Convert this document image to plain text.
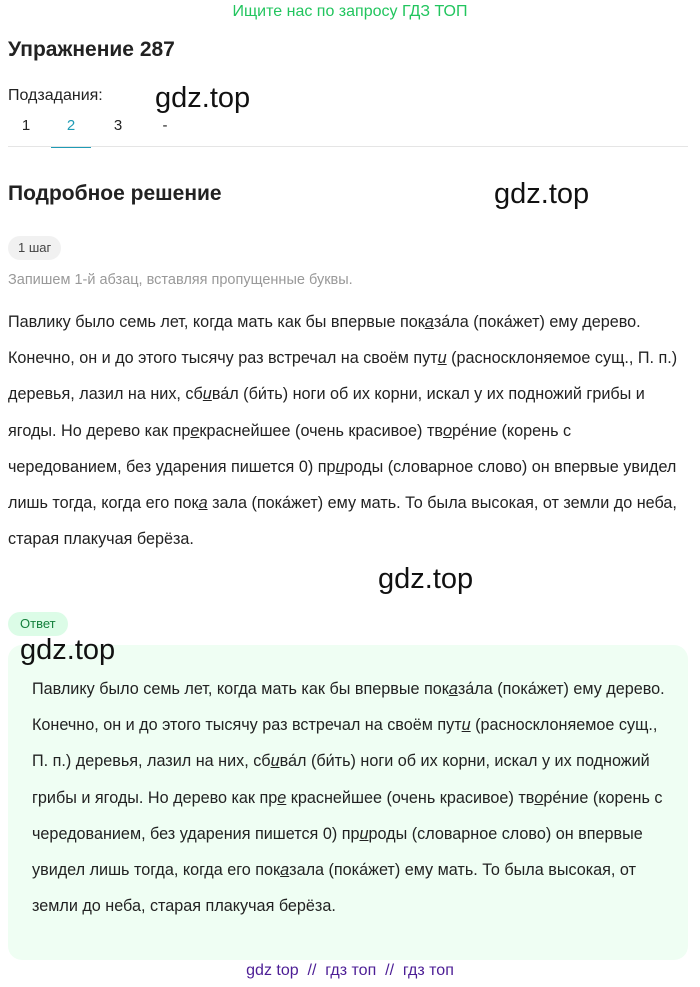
Ищите нас по запросу ГДЗ ТОП
Упражнение 287
Подзадания:
1	2	3	-
gdz.top
Подробное решение	gdz.top
1 шаг
Запишем 1-й абзац, вставляя пропущенные буквы.
Павлику было семь лет, когда мать как бы впервые показа́ла (пока́жет) ему дерево. Конечно, он и до этого тысячу раз встречал на своём пути (расносклоняемое сущ., П. п.) деревья, лазил на них, сбива́л (би́ть) ноги об их корни, искал у их подножий грибы и ягоды. Но дерево как прекраснейшее (очень красивое) творе́ние (корень с чередованием, без ударения пишется 0) природы (словарное слово) он впервые увидел лишь тогда, когда его пока зала (пока́жет) ему мать. То была высокая, от земли до неба, старая плакучая берёза.
gdz.top
Ответ
gdz.top
Павлику было семь лет, когда мать как бы впервые показа́ла (пока́жет) ему дерево. Конечно, он и до этого тысячу раз встречал на своём пути (расносклоняемое сущ., П. п.) деревья, лазил на них, сбива́л (би́ть) ноги об их корни, искал у их подножий грибы и ягоды. Но дерево как пре краснейшее (очень красивое) творе́ние (корень с чередованием, без ударения пишется 0) природы (словарное слово) он впервые увидел лишь тогда, когда его показала (пока́жет) ему мать. То была высокая, от земли до неба, старая плакучая берёза.
gdz top  //  гдз топ  //  гдз топ
